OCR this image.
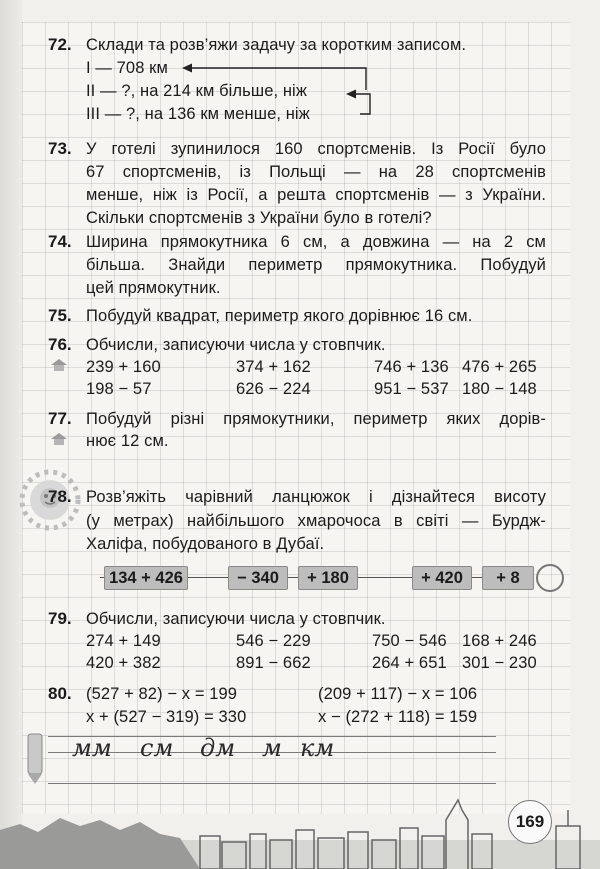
72. Склади та розв’яжи задачу за коротким записом.
I — 708 км
II — ?, на 214 км більше, ніж
III — ?, на 136 км менше, ніж
73. У готелі зупинилося 160 спортсменів. Із Росії було
67 спортсменів, із Польщі — на 28 спортсменів
менше, ніж із Росії, а решта спортсменів — з України.
Скільки спортсменів з України було в готелі?
74. Ширина прямокутника 6 см, а довжина — на 2 см
більша. Знайди периметр прямокутника. Побудуй
цей прямокутник.
75. Побудуй квадрат, периметр якого дорівнює 16 см.
76. Обчисли, записуючи числа у стовпчик.
239 + 160	374 + 162	746 + 136 476 + 265
198 − 57	626 − 224	951 − 537 180 − 148
77. Побудуй різні прямокутники, периметр яких дорів-
нює 12 см.
78. Розв’яжіть чарівний ланцюжок і дізнайтеся висоту
(у метрах) найбільшого хмарочоса в світі — Бурдж-
Халіфа, побудованого в Дубаї.
134 + 426	− 340	+ 180	+ 420	+ 8
79. Обчисли, записуючи числа у стовпчик.
274 + 149	546 − 229	750 − 546 168 + 246
420 + 382	891 − 662	264 + 651 301 − 230
80. (527 + 82) − x = 199	(209 + 117) − x = 106
x + (527 − 319) = 330	x − (272 + 118) = 159
мм см дм м км
169
